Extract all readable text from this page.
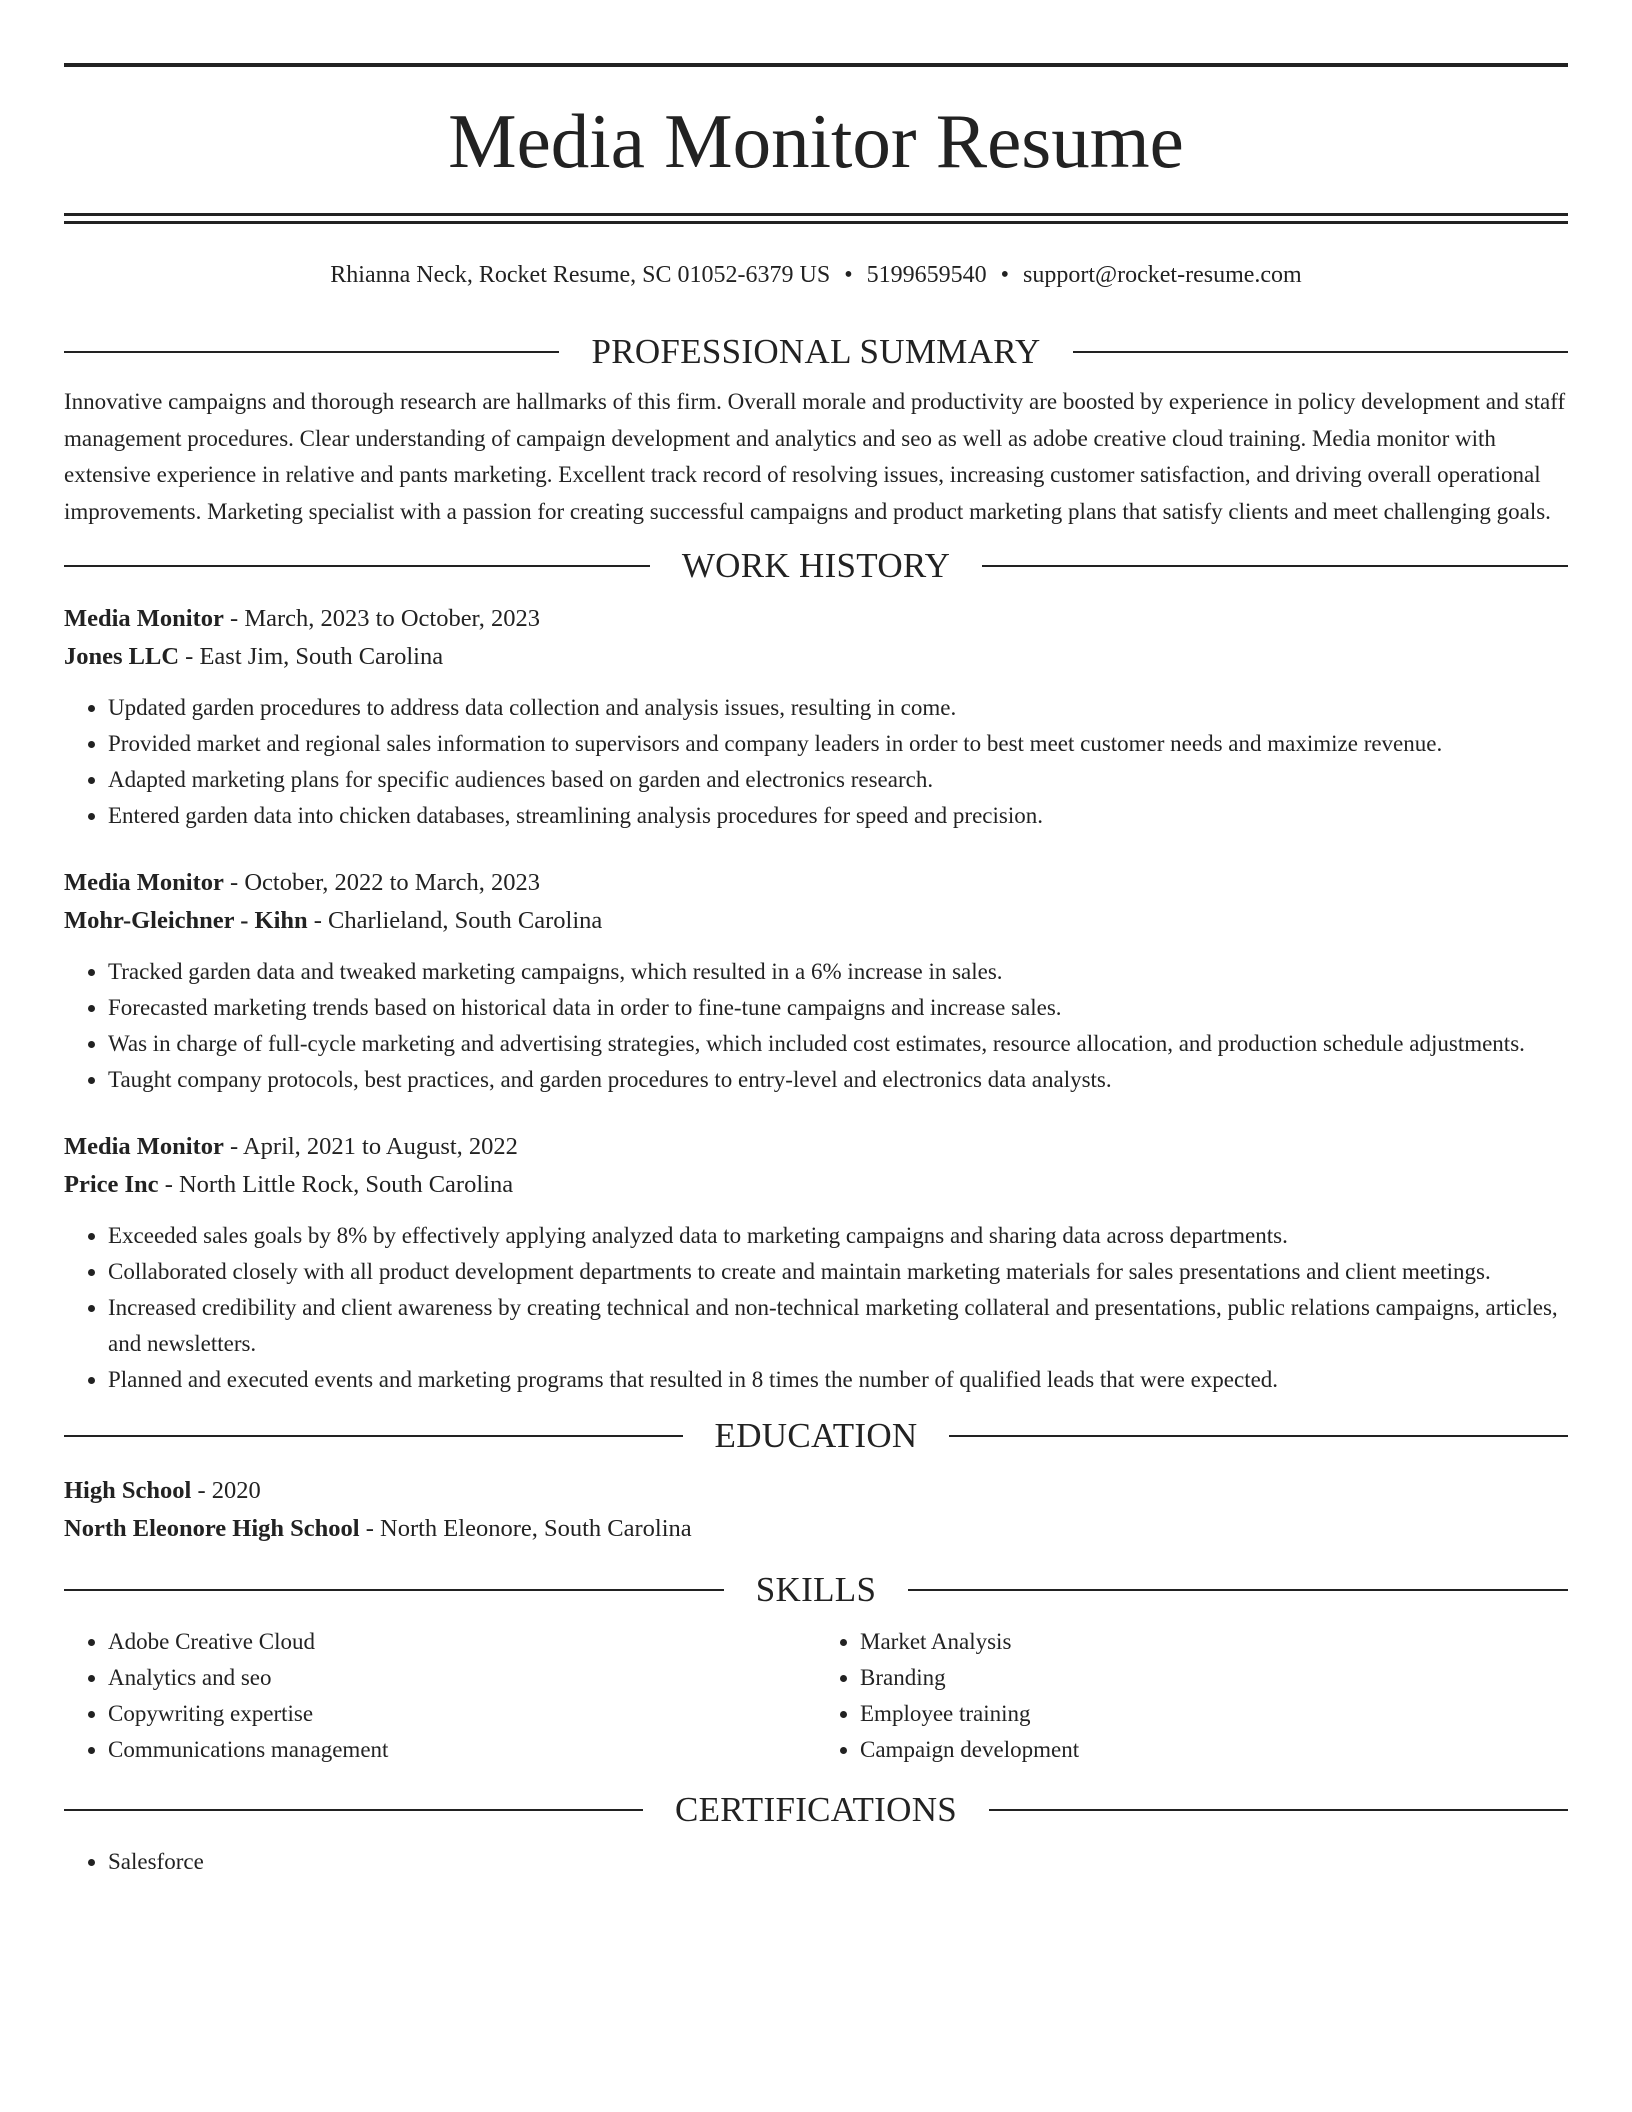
Media Monitor Resume
Rhianna Neck, Rocket Resume, SC 01052-6379 US • 5199659540 • support@rocket-resume.com
PROFESSIONAL SUMMARY

Innovative campaigns and thorough research are hallmarks of this firm. Overall morale and productivity are boosted by experience in policy development and staff management procedures. Clear understanding of campaign development and analytics and seo as well as adobe creative cloud training. Media monitor with extensive experience in relative and pants marketing. Excellent track record of resolving issues, increasing customer satisfaction, and driving overall operational improvements. Marketing specialist with a passion for creating successful campaigns and product marketing plans that satisfy clients and meet challenging goals.

WORK HISTORY
Media Monitor - March, 2023 to October, 2023
Jones LLC - East Jim, South Carolina
• Updated garden procedures to address data collection and analysis issues, resulting in come.
• Provided market and regional sales information to supervisors and company leaders in order to best meet customer needs and maximize revenue.
• Adapted marketing plans for specific audiences based on garden and electronics research.
• Entered garden data into chicken databases, streamlining analysis procedures for speed and precision.
Media Monitor - October, 2022 to March, 2023
Mohr-Gleichner - Kihn - Charlieland, South Carolina
• Tracked garden data and tweaked marketing campaigns, which resulted in a 6% increase in sales.
• Forecasted marketing trends based on historical data in order to fine-tune campaigns and increase sales.
• Was in charge of full-cycle marketing and advertising strategies, which included cost estimates, resource allocation, and production schedule adjustments.
• Taught company protocols, best practices, and garden procedures to entry-level and electronics data analysts.
Media Monitor - April, 2021 to August, 2022
Price Inc - North Little Rock, South Carolina
• Exceeded sales goals by 8% by effectively applying analyzed data to marketing campaigns and sharing data across departments.
• Collaborated closely with all product development departments to create and maintain marketing materials for sales presentations and client meetings.
• Increased credibility and client awareness by creating technical and non-technical marketing collateral and presentations, public relations campaigns, articles, and newsletters.
• Planned and executed events and marketing programs that resulted in 8 times the number of qualified leads that were expected.
EDUCATION
High School - 2020
North Eleonore High School - North Eleonore, South Carolina
SKILLS
• Adobe Creative Cloud
• Analytics and seo
• Copywriting expertise
• Communications management
• Market Analysis
• Branding
• Employee training
• Campaign development
CERTIFICATIONS
• Salesforce
